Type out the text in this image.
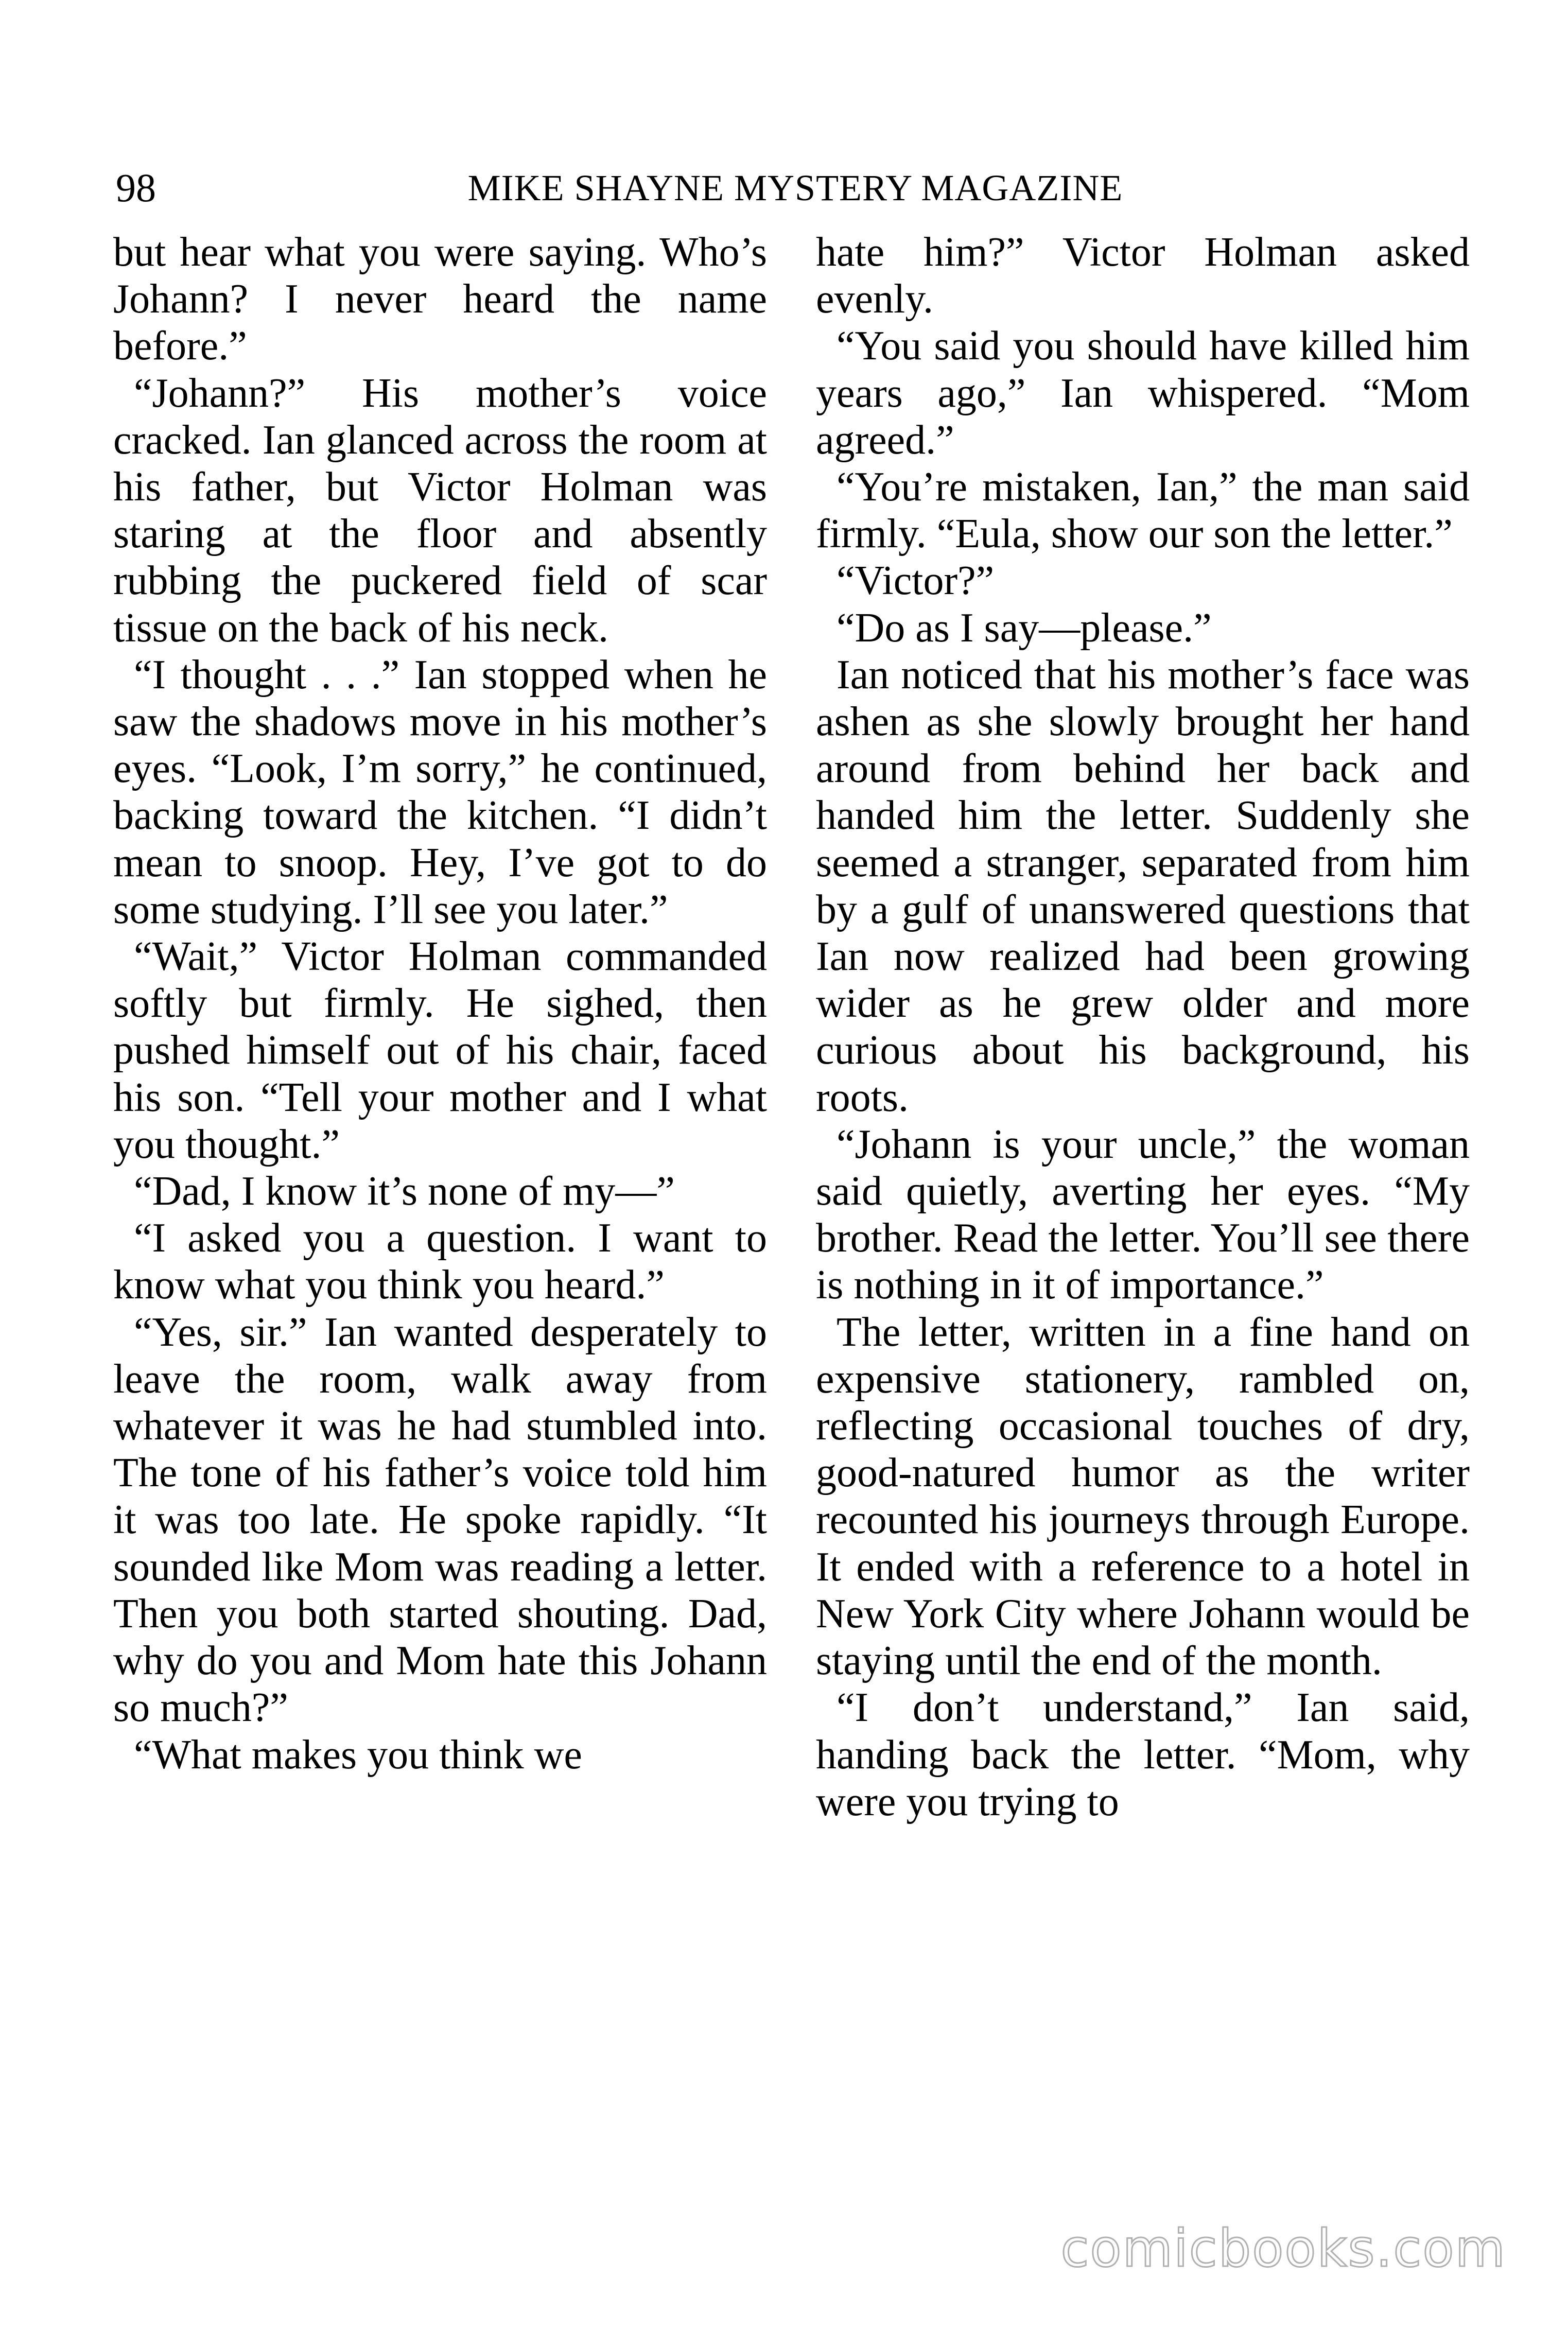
98	MIKE SHAYNE MYSTERY MAGAZINE

but hear what you were saying. Who’s Johann? I never heard the name before.”

“Johann?” His mother’s voice cracked. Ian glanced across the room at his father, but Victor Holman was staring at the floor and absently rubbing the puckered field of scar tissue on the back of his neck.

“I thought . . .” Ian stopped when he saw the shadows move in his mother’s eyes. “Look, I’m sorry,” he continued, backing toward the kitchen. “I didn’t mean to snoop. Hey, I’ve got to do some studying. I’ll see you later.”

“Wait,” Victor Holman commanded softly but firmly. He sighed, then pushed himself out of his chair, faced his son. “Tell your mother and I what you thought.”

“Dad, I know it’s none of my—”

“I asked you a question. I want to know what you think you heard.”

“Yes, sir.” Ian wanted desperately to leave the room, walk away from whatever it was he had stumbled into. The tone of his father’s voice told him it was too late. He spoke rapidly. “It sounded like Mom was reading a letter. Then you both started shouting. Dad, why do you and Mom hate this Johann so much?”

“What makes you think we

hate him?” Victor Holman asked evenly.

“You said you should have killed him years ago,” Ian whispered. “Mom agreed.”

“You’re mistaken, Ian,” the man said firmly. “Eula, show our son the letter.”

“Victor?”

“Do as I say—please.”

Ian noticed that his mother’s face was ashen as she slowly brought her hand around from behind her back and handed him the letter. Suddenly she seemed a stranger, separated from him by a gulf of unanswered questions that Ian now realized had been growing wider as he grew older and more curious about his background, his roots.

“Johann is your uncle,” the woman said quietly, averting her eyes. “My brother. Read the letter. You’ll see there is nothing in it of importance.”

The letter, written in a fine hand on expensive stationery, rambled on, reflecting occasional touches of dry, good-natured humor as the writer recounted his journeys through Europe. It ended with a reference to a hotel in New York City where Johann would be staying until the end of the month.

“I don’t understand,” Ian said, handing back the letter. “Mom, why were you trying to

comicbooks.com
